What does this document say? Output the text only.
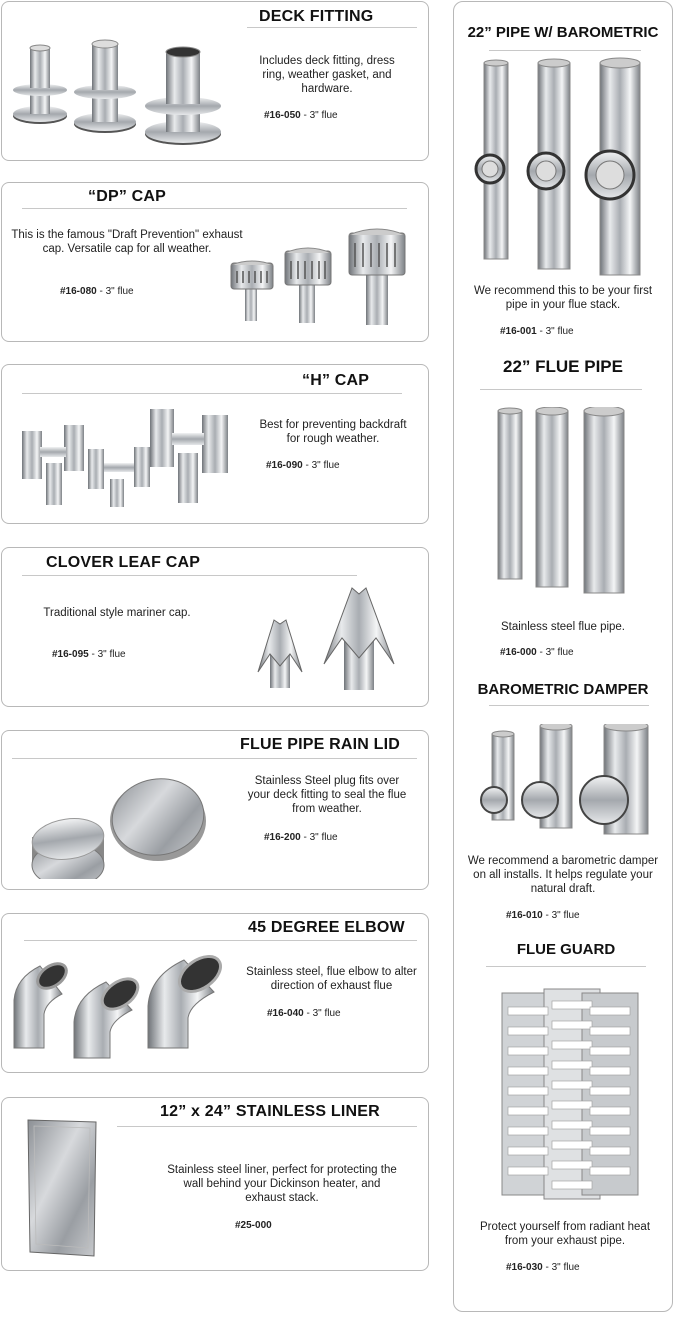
DECK FITTING
Includes deck fitting, dress ring, weather gasket, and hardware.
#16-050 - 3" flue
“DP” CAP
This is the famous "Draft Prevention" exhaust cap. Versatile cap for all weather.
#16-080 - 3" flue
“H” CAP
Best for preventing backdraft for rough weather.
#16-090 - 3" flue
CLOVER LEAF CAP
Traditional style mariner cap.
#16-095 - 3" flue
FLUE PIPE RAIN LID
Stainless Steel plug fits over your deck fitting to seal the flue from weather.
#16-200 - 3" flue
45 DEGREE ELBOW
Stainless steel, flue elbow to alter direction of exhaust flue
#16-040 - 3" flue
12” x 24” STAINLESS LINER
Stainless steel liner, perfect for protecting the wall behind your Dickinson heater, and exhaust stack.
#25-000
22” PIPE W/ BAROMETRIC
We recommend this to be your first pipe in your flue stack.
#16-001 - 3" flue
22” FLUE PIPE
Stainless steel flue pipe.
#16-000 - 3" flue
BAROMETRIC DAMPER
We recommend a barometric damper on all installs. It helps regulate your natural draft.
#16-010 - 3" flue
FLUE GUARD
Protect yourself from radiant heat from your exhaust pipe.
#16-030 - 3" flue
